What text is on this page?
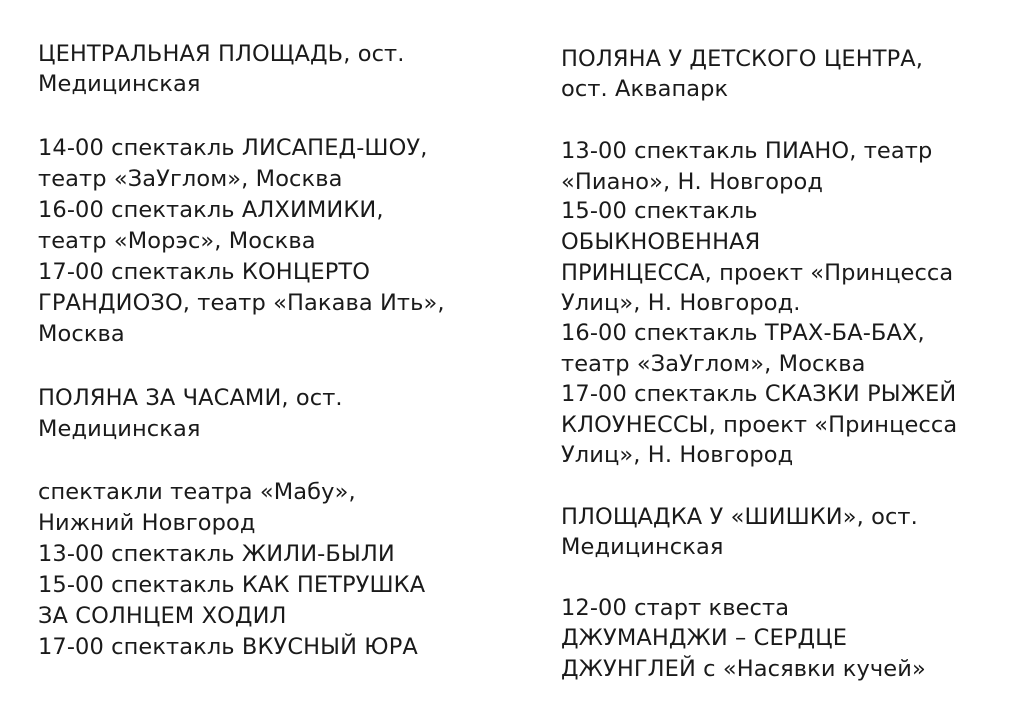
ЦЕНТРАЛЬНАЯ ПЛОЩАДЬ, ост.
Медицинская
14-00 спектакль ЛИСАПЕД-ШОУ,
театр «ЗаУглом», Москва
16-00 спектакль АЛХИМИКИ,
театр «Морэс», Москва
17-00 спектакль КОНЦЕРТО
ГРАНДИОЗО, театр «Пакава Ить»,
Москва
ПОЛЯНА ЗА ЧАСАМИ, ост.
Медицинская
спектакли театра «Мабу»,
Нижний Новгород
13-00 спектакль ЖИЛИ-БЫЛИ
15-00 спектакль КАК ПЕТРУШКА
ЗА СОЛНЦЕМ ХОДИЛ
17-00 спектакль ВКУСНЫЙ ЮРА
ПОЛЯНА У ДЕТСКОГО ЦЕНТРА,
ост. Аквапарк
13-00 спектакль ПИАНО, театр
«Пиано», Н. Новгород
15-00 спектакль
ОБЫКНОВЕННАЯ
ПРИНЦЕССА, проект «Принцесса
Улиц», Н. Новгород.
16-00 спектакль ТРАХ-БА-БАХ,
театр «ЗаУглом», Москва
17-00 спектакль СКАЗКИ РЫЖЕЙ
КЛОУНЕССЫ, проект «Принцесса
Улиц», Н. Новгород
ПЛОЩАДКА У «ШИШКИ», ост.
Медицинская
12-00 старт квеста
ДЖУМАНДЖИ – СЕРДЦЕ
ДЖУНГЛЕЙ с «Насявки кучей»
